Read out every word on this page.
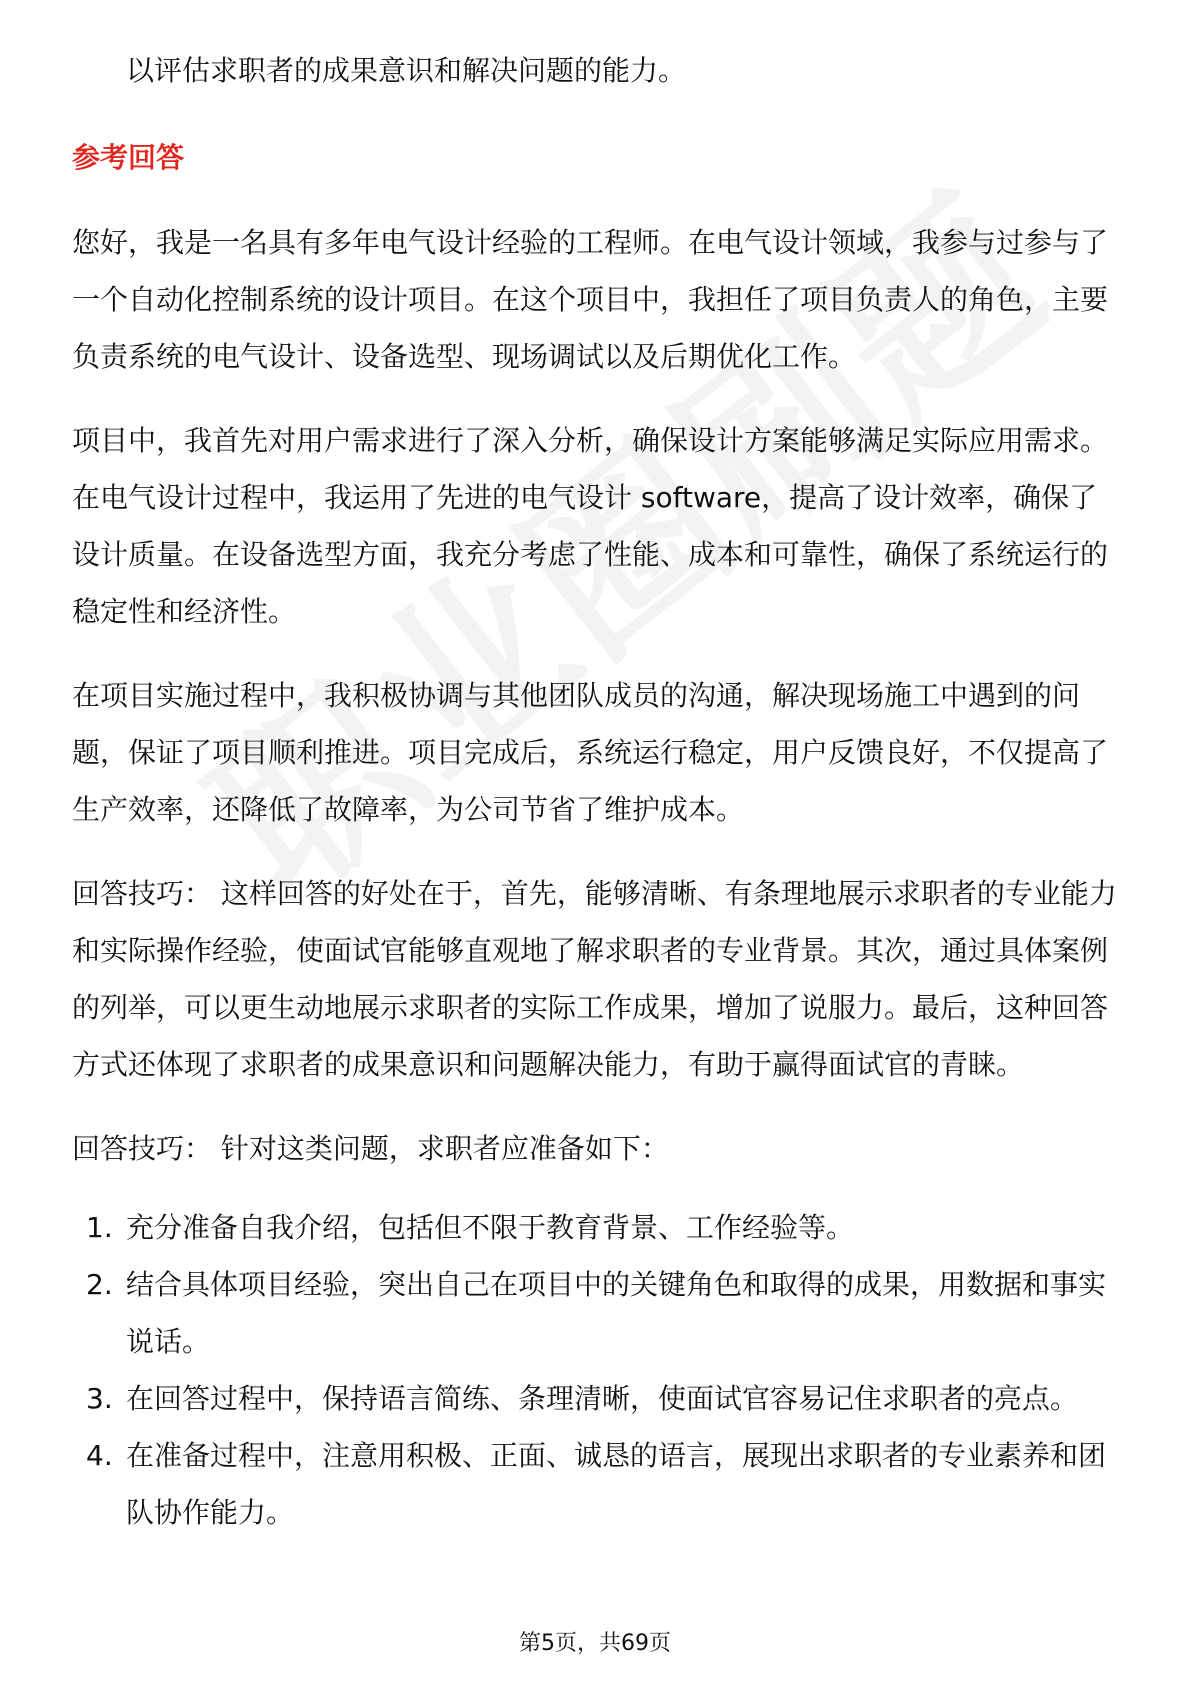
以评估求职者的成果意识和解决问题的能力。

参考回答

您好，我是一名具有多年电气设计经验的工程师。在电气设计领域，我参与过参与了一个自动化控制系统的设计项目。在这个项目中，我担任了项目负责人的角色，主要负责系统的电气设计、设备选型、现场调试以及后期优化工作。

项目中，我首先对用户需求进行了深入分析，确保设计方案能够满足实际应用需求。在电气设计过程中，我运用了先进的电气设计 software，提高了设计效率，确保了设计质量。在设备选型方面，我充分考虑了性能、成本和可靠性，确保了系统运行的稳定性和经济性。

在项目实施过程中，我积极协调与其他团队成员的沟通，解决现场施工中遇到的问题，保证了项目顺利推进。项目完成后，系统运行稳定，用户反馈良好，不仅提高了生产效率，还降低了故障率，为公司节省了维护成本。

回答技巧： 这样回答的好处在于，首先，能够清晰、有条理地展示求职者的专业能力和实际操作经验，使面试官能够直观地了解求职者的专业背景。其次，通过具体案例的列举，可以更生动地展示求职者的实际工作成果，增加了说服力。最后，这种回答方式还体现了求职者的成果意识和问题解决能力，有助于赢得面试官的青睐。

回答技巧： 针对这类问题，求职者应准备如下：

1. 充分准备自我介绍，包括但不限于教育背景、工作经验等。
2. 结合具体项目经验，突出自己在项目中的关键角色和取得的成果，用数据和事实说话。
3. 在回答过程中，保持语言简练、条理清晰，使面试官容易记住求职者的亮点。
4. 在准备过程中，注意用积极、正面、诚恳的语言，展现出求职者的专业素养和团队协作能力。
第5页，共69页
